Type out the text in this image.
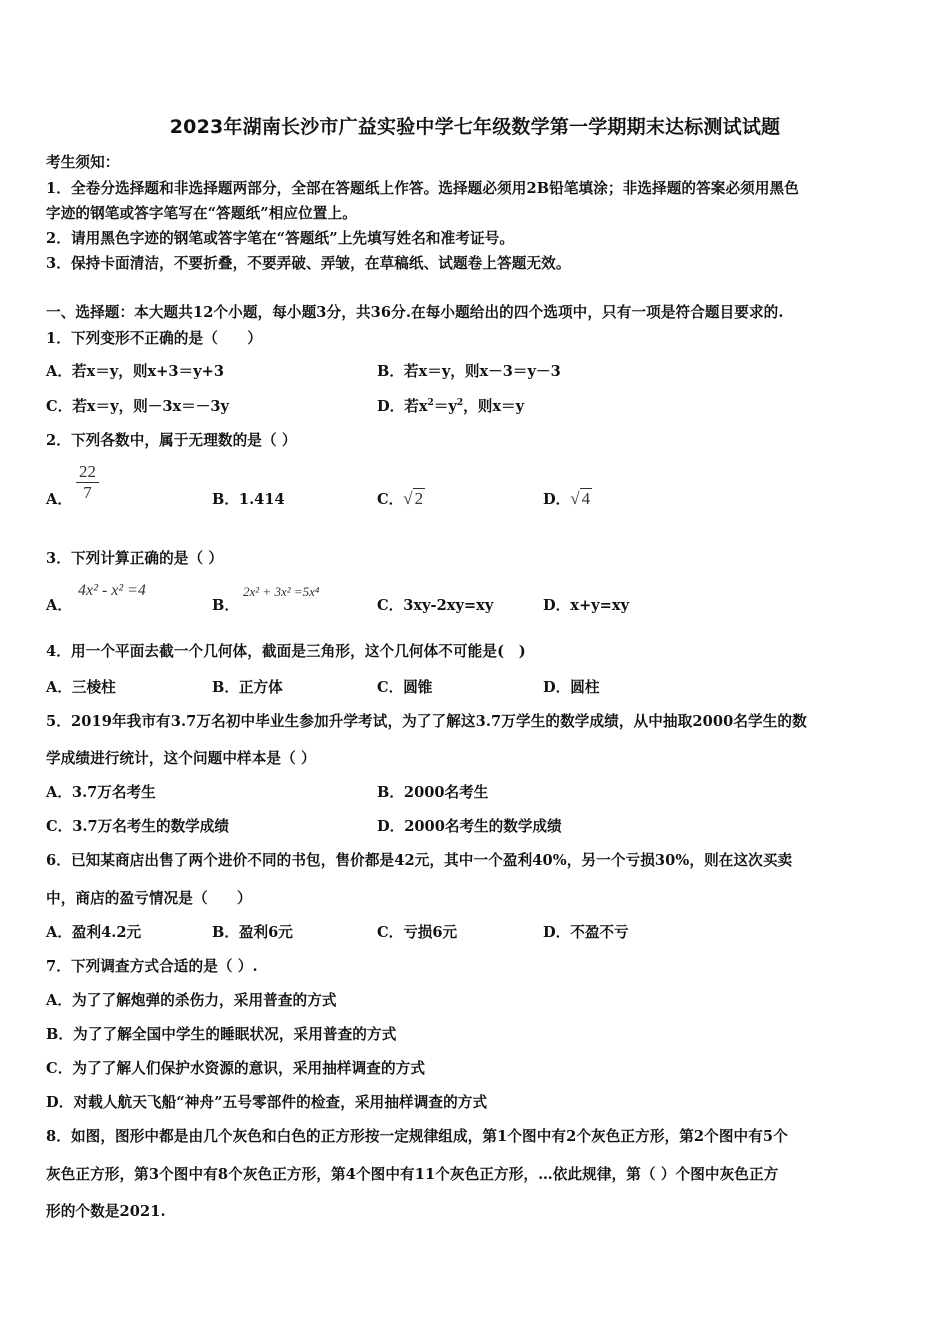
2023年湖南长沙市广益实验中学七年级数学第一学期期末达标测试试题
考生须知：
1．全卷分选择题和非选择题两部分，全部在答题纸上作答。选择题必须用2B铅笔填涂；非选择题的答案必须用黑色
字迹的钢笔或答字笔写在“答题纸”相应位置上。
2．请用黑色字迹的钢笔或答字笔在“答题纸”上先填写姓名和准考证号。
3．保持卡面清洁，不要折叠，不要弄破、弄皱，在草稿纸、试题卷上答题无效。
一、选择题：本大题共12个小题，每小题3分，共36分.在每小题给出的四个选项中，只有一项是符合题目要求的.
1．下列变形不正确的是（　　）
A．若x＝y，则x+3＝y+3	B．若x＝y，则x－3＝y－3
C．若x＝y，则－3x＝－3y	D．若$x^2=y^2$，则x＝y
2．下列各数中，属于无理数的是（ ）
A． $\frac{22}{7}$	B．1.414	C．√ 2	D．√ 4
3．下列计算正确的是（ ）
A．
4x² - x² =4
B．
2x² + 3x² =5x⁴
C．3xy-2xy=xy	D．x+y=xy
4．用一个平面去截一个几何体，截面是三角形，这个几何体不可能是(　)
A．三棱柱	B．正方体	C．圆锥	D．圆柱
5．2019年我市有3.7万名初中毕业生参加升学考试，为了了解这3.7万学生的数学成绩，从中抽取2000名学生的数
学成绩进行统计，这个问题中样本是（ ）
A．3.7万名考生	B．2000名考生
C．3.7万名考生的数学成绩	D．2000名考生的数学成绩
6．已知某商店出售了两个进价不同的书包，售价都是42元，其中一个盈利40%，另一个亏损30%，则在这次买卖
中，商店的盈亏情况是（　　）
A．盈利4.2元	B．盈利6元	C．亏损6元	D．不盈不亏
7．下列调查方式合适的是（ ）.
A．为了了解炮弹的杀伤力，采用普查的方式
B．为了了解全国中学生的睡眠状况，采用普查的方式
C．为了了解人们保护水资源的意识，采用抽样调查的方式
D．对载人航天飞船“神舟”五号零部件的检查，采用抽样调查的方式
8．如图，图形中都是由几个灰色和白色的正方形按一定规律组成，第1个图中有2个灰色正方形，第2个图中有5个
灰色正方形，第3个图中有8个灰色正方形，第4个图中有11个灰色正方形，…依此规律，第（ ）个图中灰色正方
形的个数是2021.
